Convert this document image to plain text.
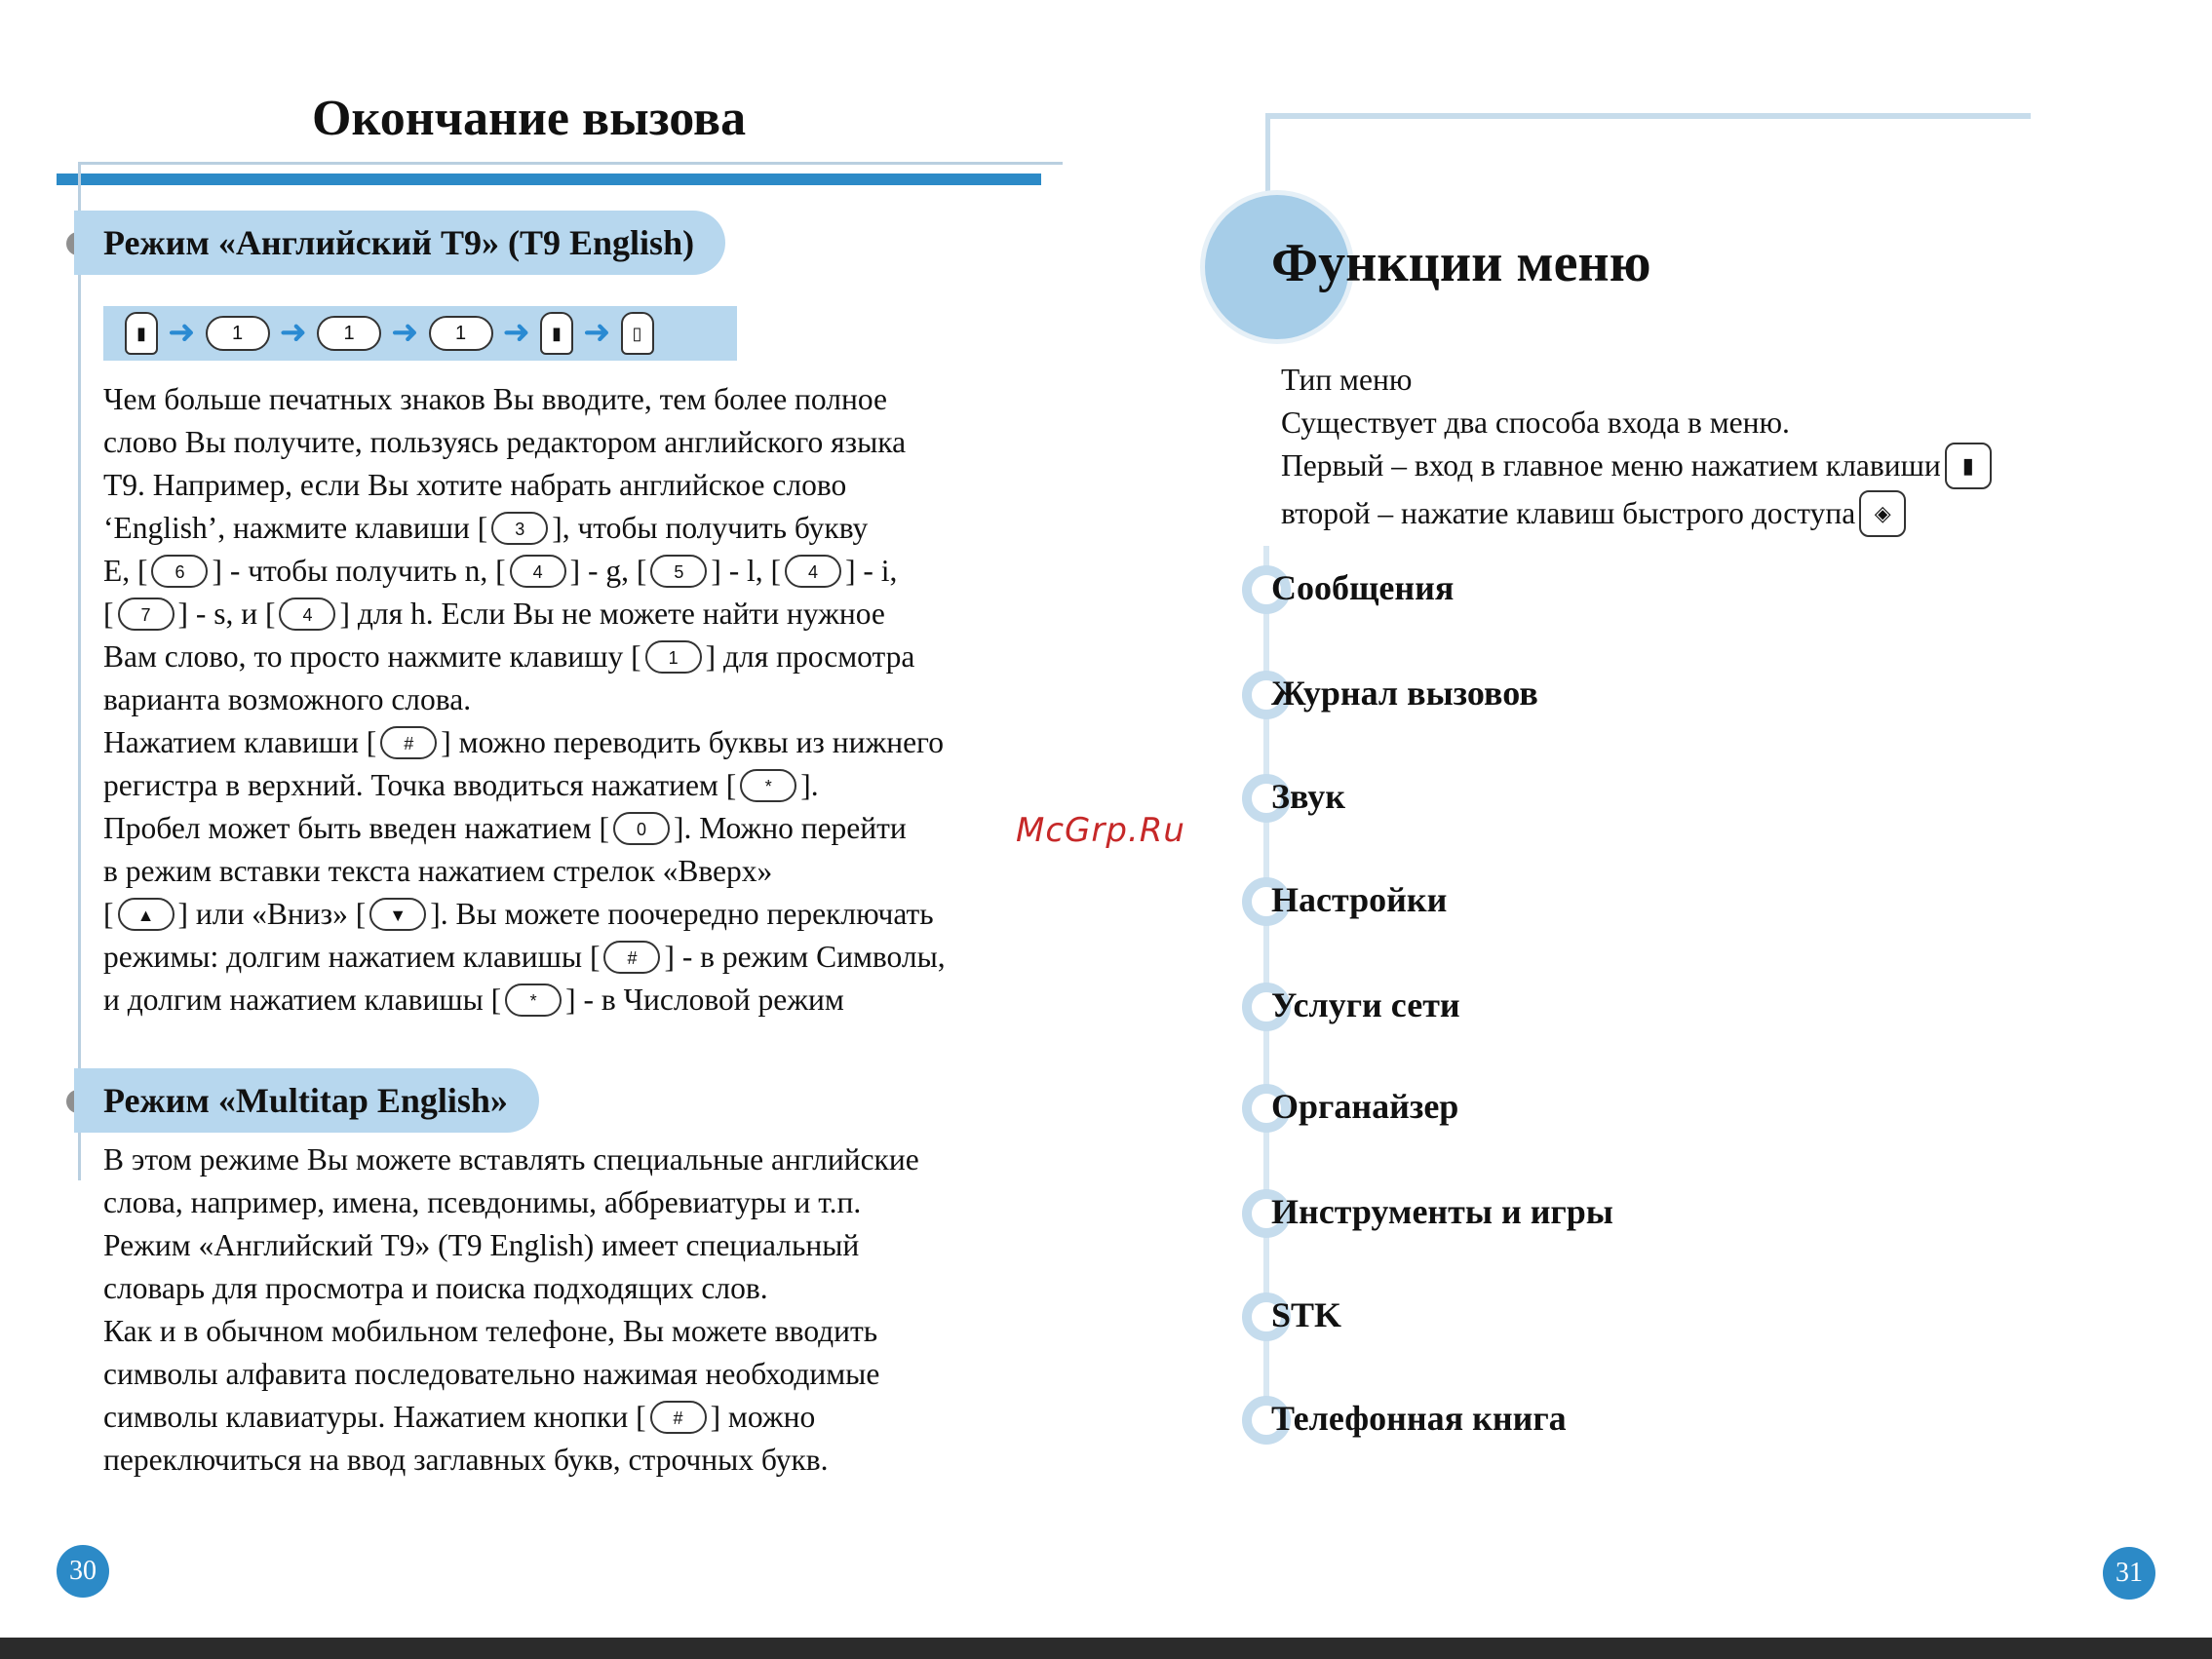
Окончание вызова
Режим «Английский Т9» (T9 English)
▮ ➜	1	➜	1	➜	1	➜	▮ ➜	▯

Чем больше печатных знаков Вы вводите, тем более полное

слово Вы получите, пользуясь редактором английского языка

Т9. Например, если Вы хотите набрать английское слово

‘English’, нажмите клавиши [ 3 ], чтобы получить букву

E, [ 6 ] - чтобы получить n, [ 4 ] - g, [ 5 ] - l, [ 4 ] - i,

[ 7 ] - s, и [ 4 ] для h. Если Вы не можете найти нужное

Вам слово, то просто нажмите клавишу [ 1 ] для просмотра

варианта возможного слова.

Нажатием клавиши [ # ] можно переводить буквы из нижнего

регистра в верхний. Точка вводиться нажатием [ * ].

Пробел может быть введен нажатием [ 0 ]. Можно перейти

в режим вставки текста нажатием стрелок «Вверх»

[ ▲ ] или «Вниз» [ ▼ ]. Вы можете поочередно переключать

режимы: долгим нажатием клавишы [ # ] - в режим Символы,

и долгим нажатием клавишы [ * ] - в Числовой режим

Режим «Multitap English»

В этом режиме Вы можете вставлять специальные английские

слова, например, имена, псевдонимы, аббревиатуры и т.п.

Режим «Английский Т9» (T9 English) имеет специальный

словарь для просмотра и поиска подходящих слов.

Как и в обычном мобильном телефоне, Вы можете вводить

символы алфавита последовательно нажимая необходимые

символы клавиатуры. Нажатием кнопки [ # ] можно

переключиться на ввод заглавных букв, строчных букв.

30
Функции меню

Тип меню

Существует два способа входа в меню.

Первый – вход в главное меню нажатием клавиши ▮

второй – нажатие клавиш быстрого доступа ◈

Сообщения
Журнал вызовов
Звук
Настройки
Услуги сети
Органайзер
Инструменты и игры
STK
Телефонная книга
McGrp.Ru
31
